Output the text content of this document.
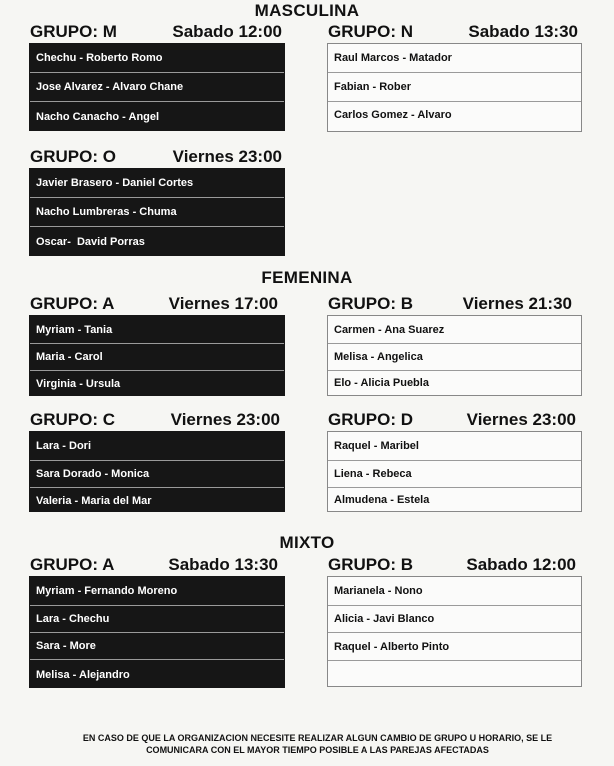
MASCULINA
GRUPO: M	Sabado 12:00
Chechu - Roberto Romo
Jose Alvarez - Alvaro Chane
Nacho Canacho - Angel
GRUPO: N	Sabado 13:30
Raul Marcos - Matador
Fabian - Rober
Carlos Gomez - Alvaro
GRUPO: O	Viernes 23:00
Javier Brasero - Daniel Cortes
Nacho Lumbreras - Chuma
Oscar-  David Porras
FEMENINA
GRUPO: A	Viernes 17:00
Myriam - Tania
Maria - Carol
Virginia - Ursula
GRUPO: B	Viernes 21:30
Carmen - Ana Suarez
Melisa - Angelica
Elo - Alicia Puebla
GRUPO: C	Viernes 23:00
Lara - Dori
Sara Dorado - Monica
Valeria - Maria del Mar
GRUPO: D	Viernes 23:00
Raquel - Maribel
Liena - Rebeca
Almudena - Estela
MIXTO
GRUPO: A	Sabado 13:30
Myriam - Fernando Moreno
Lara - Chechu
Sara - More
Melisa - Alejandro
GRUPO: B	Sabado 12:00
Marianela - Nono
Alicia - Javi Blanco
Raquel - Alberto Pinto
EN CASO DE QUE LA ORGANIZACION NECESITE REALIZAR ALGUN CAMBIO DE GRUPO U HORARIO, SE LE
COMUNICARA CON EL MAYOR TIEMPO POSIBLE A LAS PAREJAS AFECTADAS
